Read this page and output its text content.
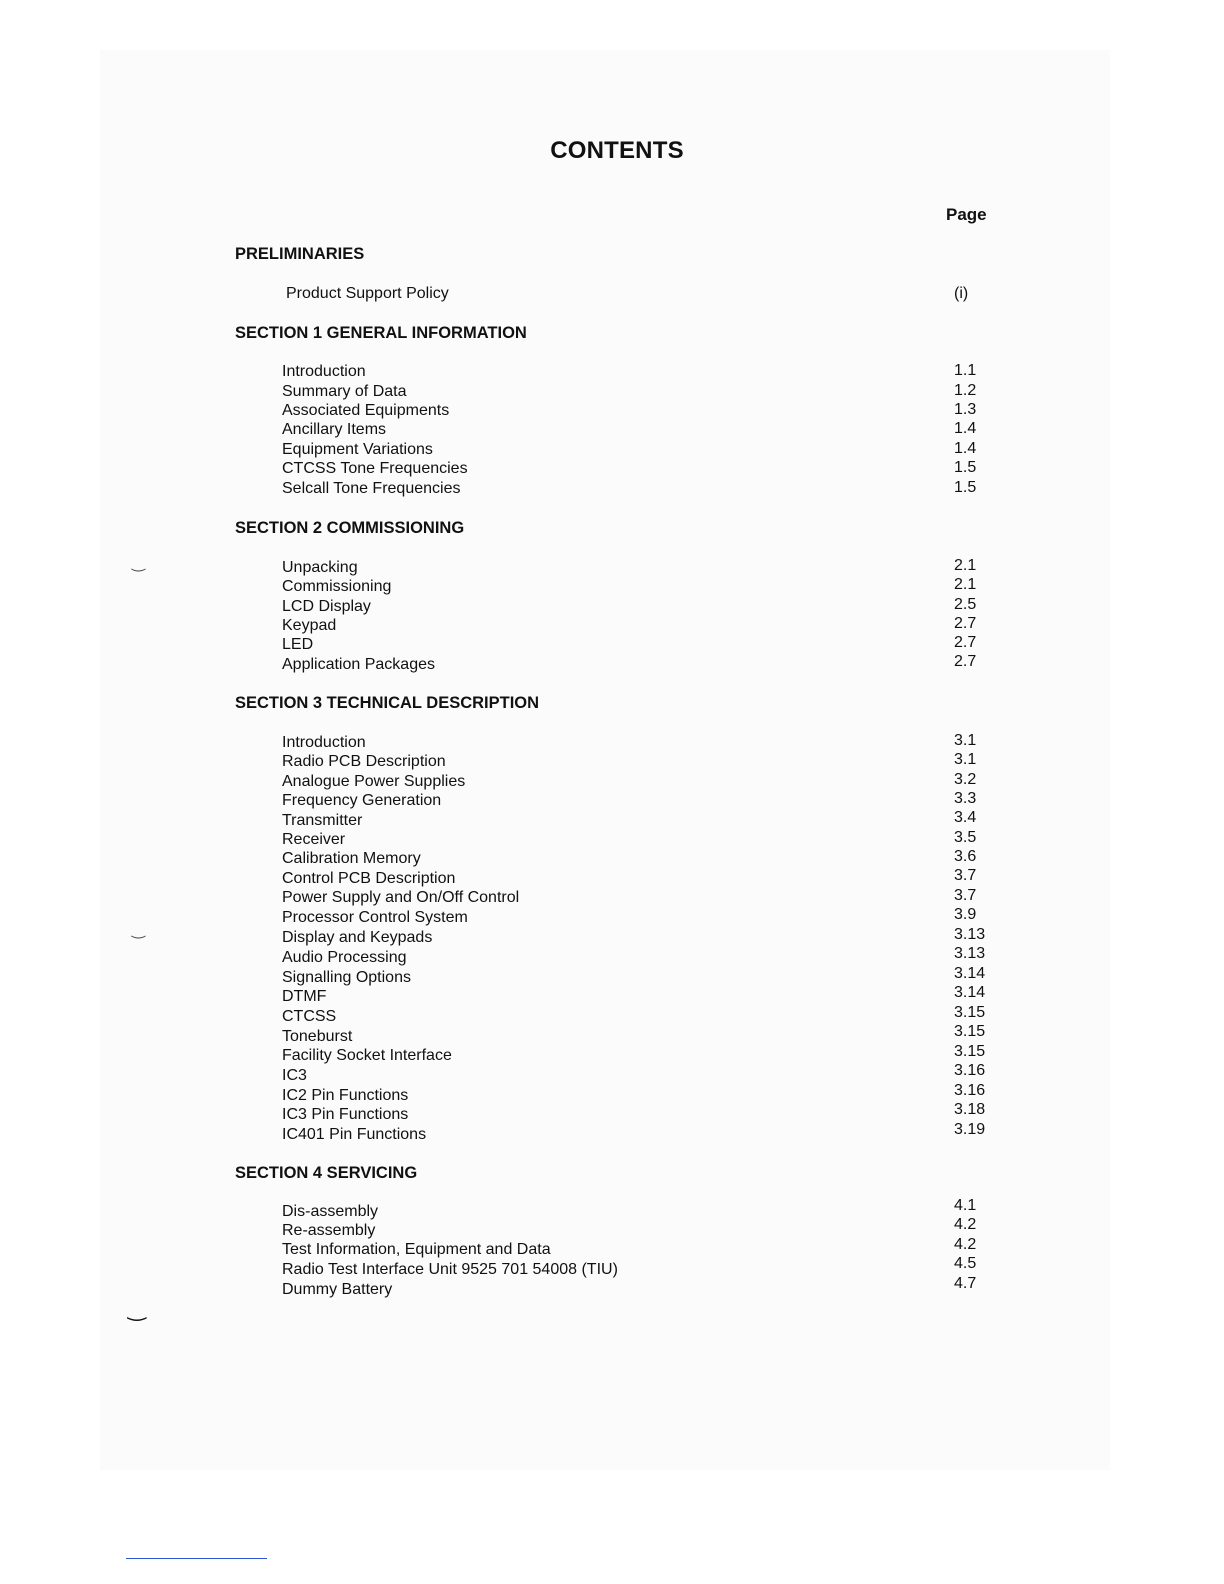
CONTENTS
Page
PRELIMINARIES
Product Support Policy	(i)
SECTION 1 GENERAL INFORMATION
Introduction	1.1
Summary of Data	1.2
Associated Equipments	1.3
Ancillary Items	1.4
Equipment Variations	1.4
CTCSS Tone Frequencies	1.5
Selcall Tone Frequencies	1.5
SECTION 2 COMMISSIONING
Unpacking	2.1
Commissioning	2.1
LCD Display	2.5
Keypad	2.7
LED	2.7
Application Packages	2.7
SECTION 3 TECHNICAL DESCRIPTION
Introduction	3.1
Radio PCB Description	3.1
Analogue Power Supplies	3.2
Frequency Generation	3.3
Transmitter	3.4
Receiver	3.5
Calibration Memory	3.6
Control PCB Description	3.7
Power Supply and On/Off Control	3.7
Processor Control System	3.9
Display and Keypads	3.13
Audio Processing	3.13
Signalling Options	3.14
DTMF	3.14
CTCSS	3.15
Toneburst	3.15
Facility Socket Interface	3.15
IC3	3.16
IC2 Pin Functions	3.16
IC3 Pin Functions	3.18
IC401 Pin Functions	3.19
SECTION 4 SERVICING
Dis-assembly	4.1
Re-assembly	4.2
Test Information, Equipment and Data	4.2
Radio Test Interface Unit 9525 701 54008 (TIU)	4.5
Dummy Battery	4.7
‿
‿
‿
